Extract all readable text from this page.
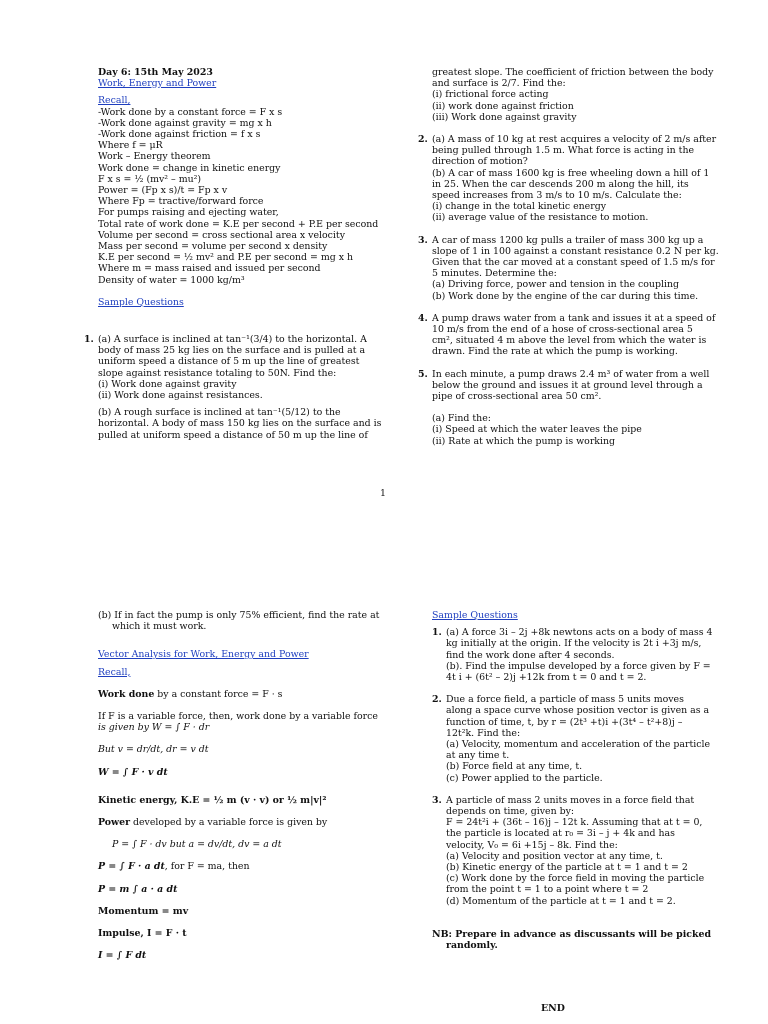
Day 6: 15th May 2023
Work, Energy and Power
Recall,
-Work done by a constant force = F x s
-Work done against gravity = mg x h
-Work done against friction = f x s
Where f = μR
Work – Energy theorem
Work done = change in kinetic energy
F x s = ½ (mv² – mu²)
Power = (Fp x s)/t = Fp x v
Where Fp = tractive/forward force
For pumps raising and ejecting water,
Total rate of work done = K.E per second + P.E per second
Volume per second = cross sectional area x velocity
Mass per second = volume per second x density
K.E per second = ½ mv² and P.E per second = mg x h
Where m = mass raised and issued per second
Density of water = 1000 kg/m³
Sample Questions
1. (a) A surface is inclined at tan⁻¹(3/4) to the horizontal. A
body of mass 25 kg lies on the surface and is pulled at a
uniform speed a distance of 5 m up the line of greatest
slope against resistance totaling to 50N. Find the:
(i) Work done against gravity
(ii) Work done against resistances.
(b) A rough surface is inclined at tan⁻¹(5/12) to the
horizontal. A body of mass 150 kg lies on the surface and is
pulled at uniform speed a distance of 50 m up the line of
greatest slope. The coefficient of friction between the body
and surface is 2/7. Find the:
(i) frictional force acting
(ii) work done against friction
(iii) Work done against gravity
2. (a) A mass of 10 kg at rest acquires a velocity of 2 m/s after
being pulled through 1.5 m. What force is acting in the
direction of motion?
(b) A car of mass 1600 kg is free wheeling down a hill of 1
in 25. When the car descends 200 m along the hill, its
speed increases from 3 m/s to 10 m/s. Calculate the:
(i) change in the total kinetic energy
(ii) average value of the resistance to motion.
3. A car of mass 1200 kg pulls a trailer of mass 300 kg up a
slope of 1 in 100 against a constant resistance 0.2 N per kg.
Given that the car moved at a constant speed of 1.5 m/s for
5 minutes. Determine the:
(a) Driving force, power and tension in the coupling
(b) Work done by the engine of the car during this time.
4. A pump draws water from a tank and issues it at a speed of
10 m/s from the end of a hose of cross-sectional area 5
cm², situated 4 m above the level from which the water is
drawn. Find the rate at which the pump is working.
5. In each minute, a pump draws 2.4 m³ of water from a well
below the ground and issues it at ground level through a
pipe of cross-sectional area 50 cm².
(a) Find the:
(i) Speed at which the water leaves the pipe
(ii) Rate at which the pump is working
1
(b) If in fact the pump is only 75% efficient, find the rate at
which it must work.
Vector Analysis for Work, Energy and Power
Recall,
Work done by a constant force = F · s
If F is a variable force, then, work done by a variable force
is given by W = ∫ F · dr
But v = dr/dt, dr = v dt
W = ∫ F · v dt
Kinetic energy, K.E = ½ m (v · v) or ½ m|v|²
Power developed by a variable force is given by
P = ∫ F · dv but a = dv/dt, dv = a dt
P = ∫ F · a dt, for F = ma, then
P = m ∫ a · a dt
Momentum = mv
Impulse, I = F · t
I = ∫ F dt
Sample Questions
1. (a) A force 3i – 2j +8k newtons acts on a body of mass 4
kg initially at the origin. If the velocity is 2t i +3j m/s,
find the work done after 4 seconds.
(b). Find the impulse developed by a force given by F =
4t i + (6t² – 2)j +12k from t = 0 and t = 2.
2. Due a force field, a particle of mass 5 units moves
along a space curve whose position vector is given as a
function of time, t, by r = (2t³ +t)i +(3t⁴ – t²+8)j –
12t²k. Find the:
(a) Velocity, momentum and acceleration of the particle
at any time t.
(b) Force field at any time, t.
(c) Power applied to the particle.
3. A particle of mass 2 units moves in a force field that
depends on time, given by:
F = 24t²i + (36t – 16)j – 12t k. Assuming that at t = 0,
the particle is located at r₀ = 3i – j + 4k and has
velocity, V₀ = 6i +15j – 8k. Find the:
(a) Velocity and position vector at any time, t.
(b) Kinetic energy of the particle at t = 1 and t = 2
(c) Work done by the force field in moving the particle
from the point t = 1 to a point where t = 2
(d) Momentum of the particle at t = 1 and t = 2.
NB: Prepare in advance as discussants will be picked
randomly.
END
